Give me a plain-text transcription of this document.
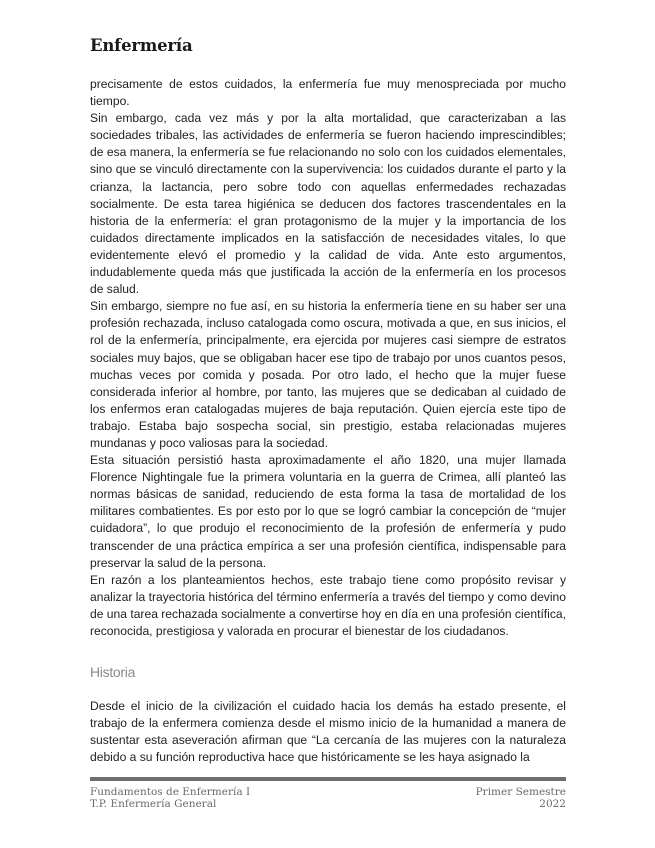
Enfermería

precisamente de estos cuidados, la enfermería fue muy menospreciada por mucho tiempo.

Sin embargo, cada vez más y por la alta mortalidad, que caracterizaban a las sociedades tribales, las actividades de enfermería se fueron haciendo imprescindibles; de esa manera, la enfermería se fue relacionando no solo con los cuidados elementales, sino que se vinculó directamente con la supervivencia: los cuidados durante el parto y la crianza, la lactancia, pero sobre todo con aquellas enfermedades rechazadas socialmente. De esta tarea higiénica se deducen dos factores trascendentales en la historia de la enfermería: el gran protagonismo de la mujer y la importancia de los cuidados directamente implicados en la satisfacción de necesidades vitales, lo que evidentemente elevó el promedio y la calidad de vida. Ante esto argumentos, indudablemente queda más que justificada la acción de la enfermería en los procesos de salud.

Sin embargo, siempre no fue así, en su historia la enfermería tiene en su haber ser una profesión rechazada, incluso catalogada como oscura, motivada a que, en sus inicios, el rol de la enfermería, principalmente, era ejercida por mujeres casi siempre de estratos sociales muy bajos, que se obligaban hacer ese tipo de trabajo por unos cuantos pesos, muchas veces por comida y posada. Por otro lado, el hecho que la mujer fuese considerada inferior al hombre, por tanto, las mujeres que se dedicaban al cuidado de los enfermos eran catalogadas mujeres de baja reputación. Quien ejercía este tipo de trabajo. Estaba bajo sospecha social, sin prestigio, estaba relacionadas mujeres mundanas y poco valiosas para la sociedad.

Esta situación persistió hasta aproximadamente el año 1820, una mujer llamada Florence Nightingale fue la primera voluntaria en la guerra de Crimea, allí planteó las normas básicas de sanidad, reduciendo de esta forma la tasa de mortalidad de los militares combatientes. Es por esto por lo que se logró cambiar la concepción de “mujer cuidadora”, lo que produjo el reconocimiento de la profesión de enfermería y pudo transcender de una práctica empírica a ser una profesión científica, indispensable para preservar la salud de la persona.

En razón a los planteamientos hechos, este trabajo tiene como propósito revisar y analizar la trayectoria histórica del término enfermería a través del tiempo y como devino de una tarea rechazada socialmente a convertirse hoy en día en una profesión científica, reconocida, prestigiosa y valorada en procurar el bienestar de los ciudadanos.

Historia

Desde el inicio de la civilización el cuidado hacia los demás ha estado presente, el trabajo de la enfermera comienza desde el mismo inicio de la humanidad a manera de sustentar esta aseveración afirman que “La cercanía de las mujeres con la naturaleza debido a su función reproductiva hace que históricamente se les haya asignado la

Fundamentos de Enfermería I
T.P. Enfermería General
Primer Semestre
2022
